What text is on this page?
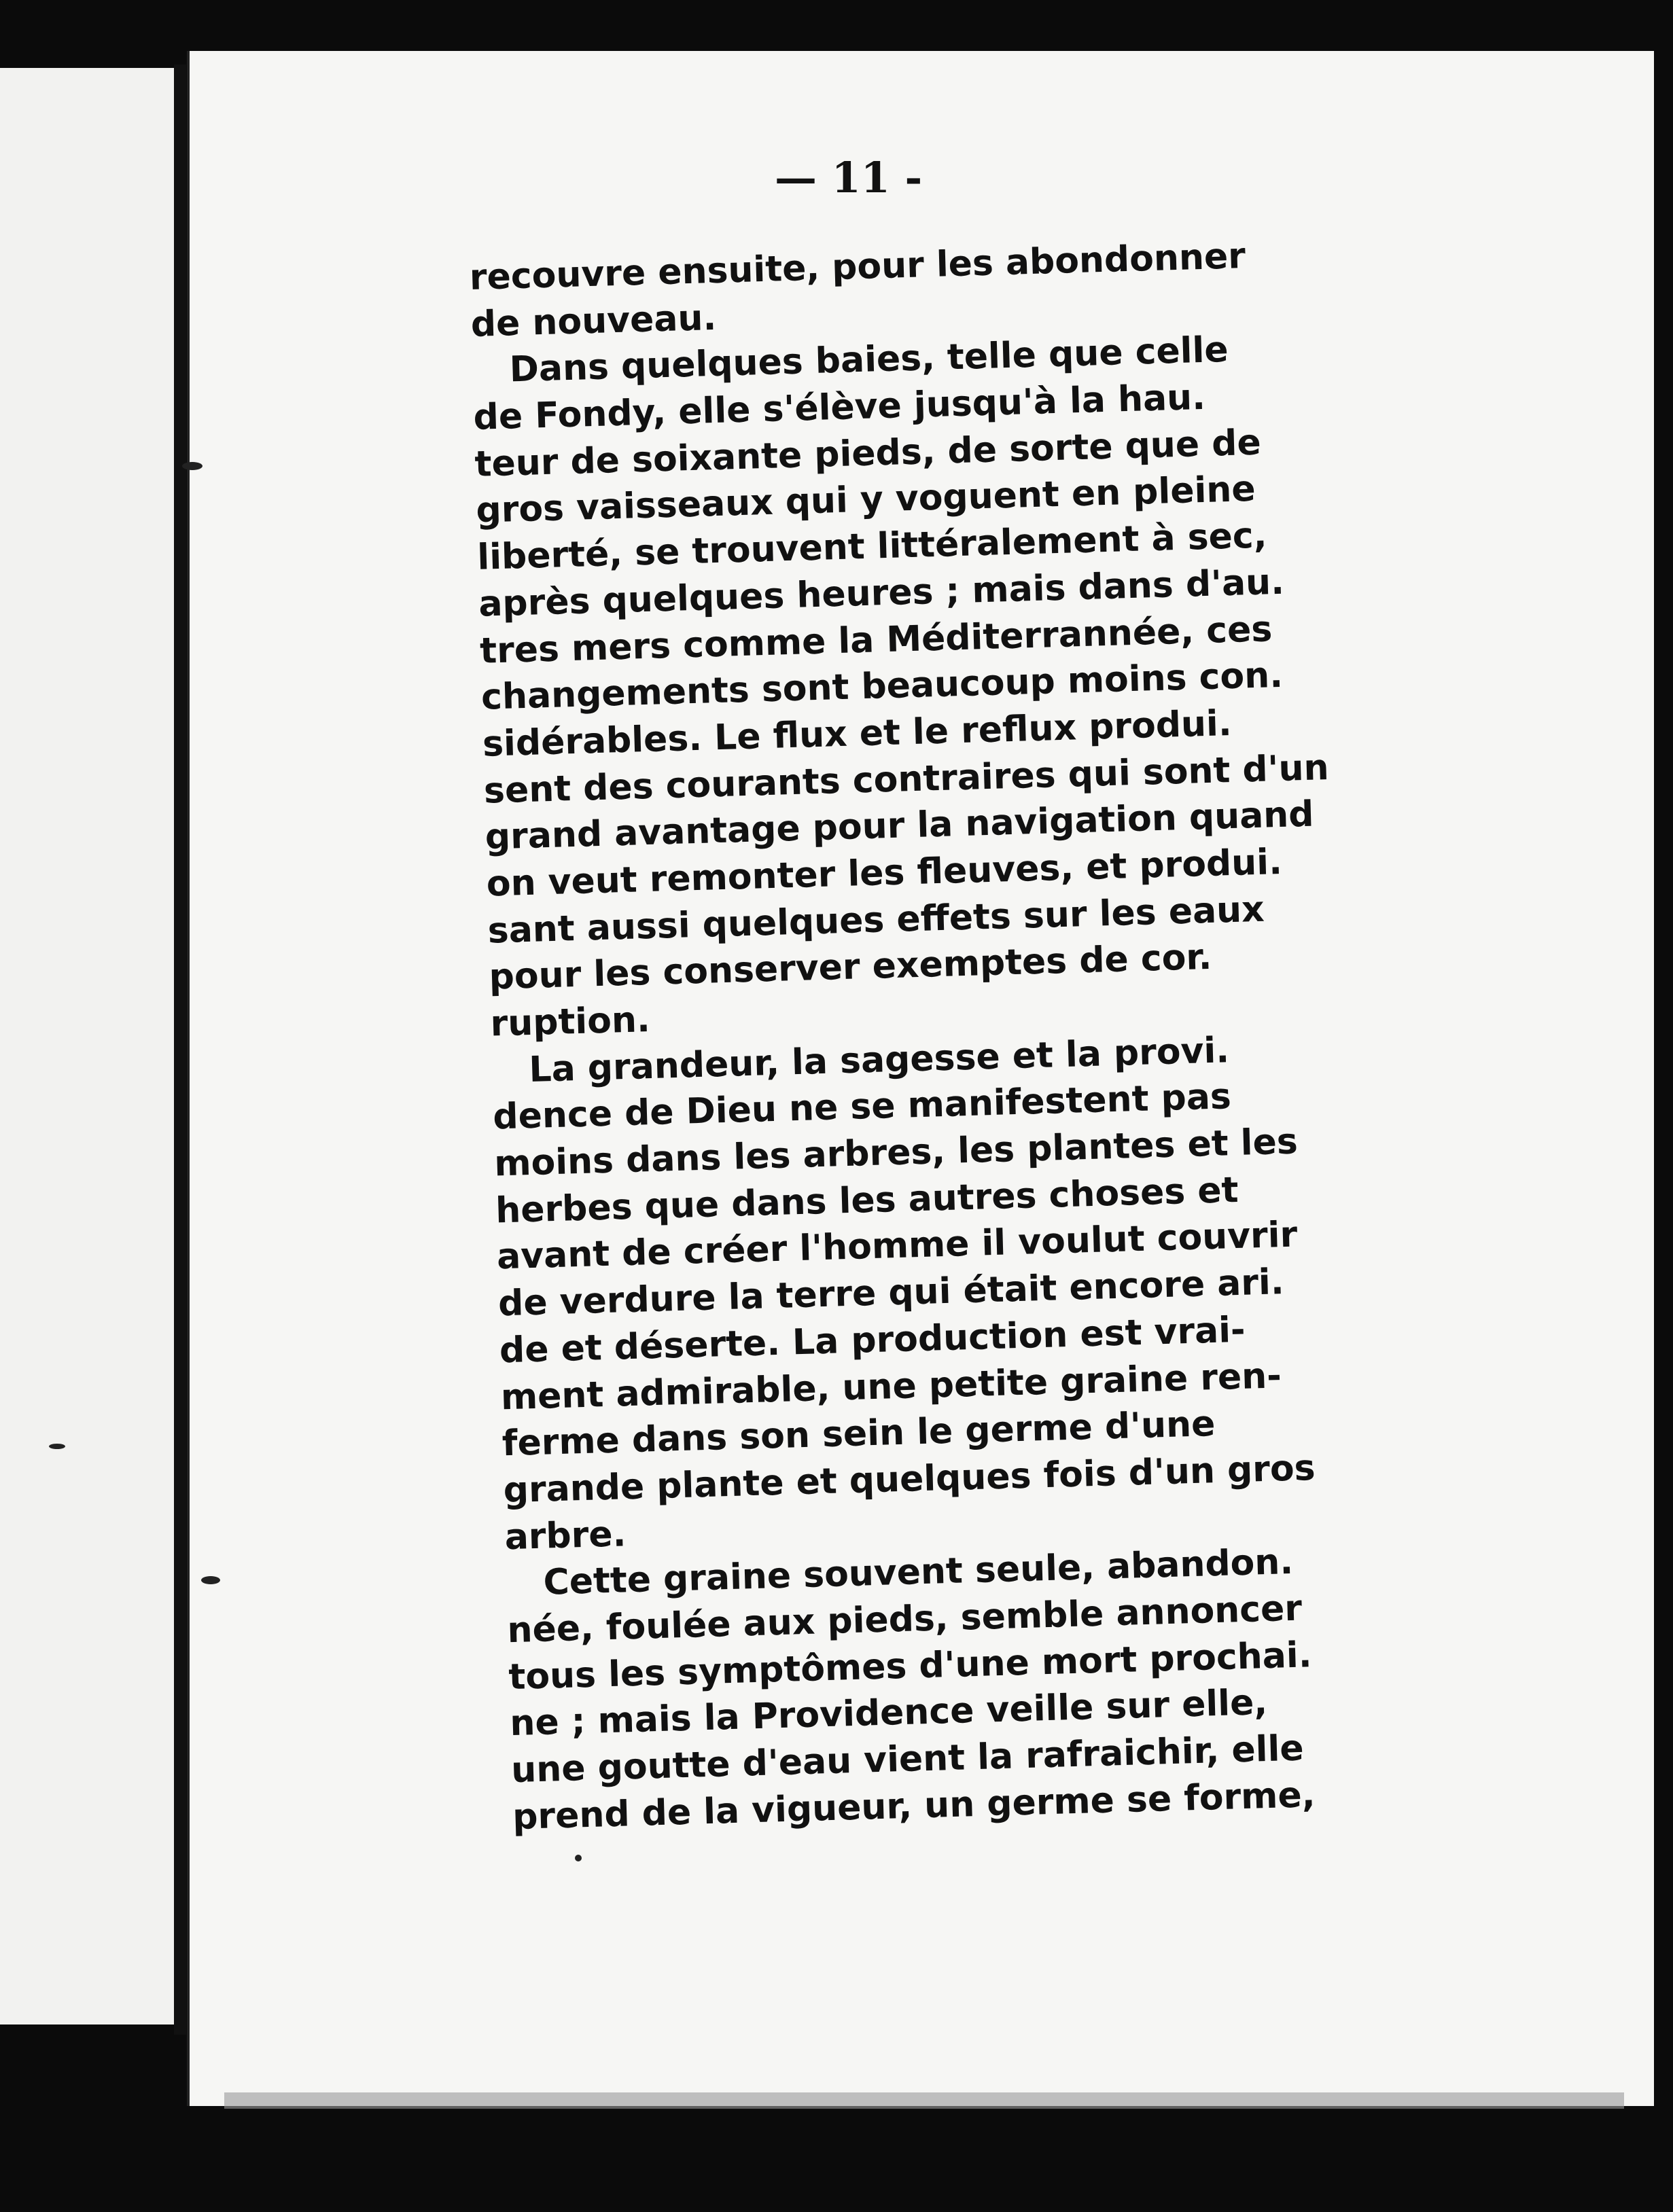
— 11 -
recouvre ensuite, pour les abondonner
de nouveau.
Dans quelques baies, telle que celle
de Fondy, elle s'élève jusqu'à la hau.
teur de soixante pieds, de sorte que de
gros vaisseaux qui y voguent en pleine
liberté, se trouvent littéralement à sec,
après quelques heures ; mais dans d'au.
tres mers comme la Méditerrannée, ces
changements sont beaucoup moins con.
sidérables. Le flux et le reflux produi.
sent des courants contraires qui sont d'un
grand avantage pour la navigation quand
on veut remonter les fleuves, et produi.
sant aussi quelques effets sur les eaux
pour les conserver exemptes de cor.
ruption.
La grandeur, la sagesse et la provi.
dence de Dieu ne se manifestent pas
moins dans les arbres, les plantes et les
herbes que dans les autres choses et
avant de créer l'homme il voulut couvrir
de verdure la terre qui était encore ari.
de et déserte. La production est vrai-
ment admirable, une petite graine ren-
ferme dans son sein le germe d'une
grande plante et quelques fois d'un gros
arbre.
Cette graine souvent seule, abandon.
née, foulée aux pieds, semble annoncer
tous les symptômes d'une mort prochai.
ne ; mais la Providence veille sur elle,
une goutte d'eau vient la rafraichir, elle
prend de la vigueur, un germe se forme,
